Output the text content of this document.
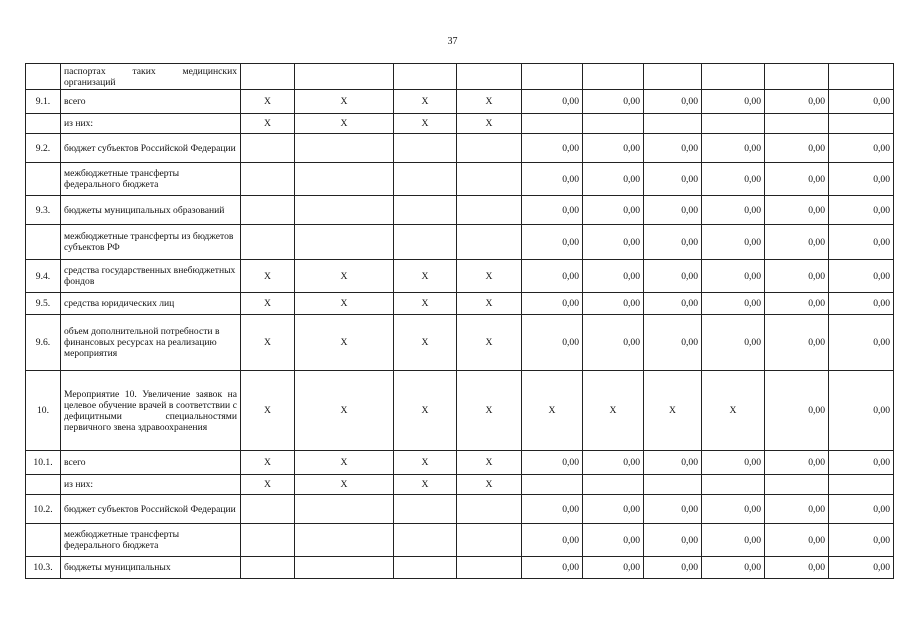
37
	паспортах таких медицинских организаций										
9.1.	всего	X	X	X	X	0,00	0,00	0,00	0,00	0,00	0,00
	из них:	X	X	X	X						
9.2.	бюджет субъектов Российской Федерации					0,00	0,00	0,00	0,00	0,00	0,00
	межбюджетные трансферты федерального бюджета					0,00	0,00	0,00	0,00	0,00	0,00
9.3.	бюджеты муниципальных образований					0,00	0,00	0,00	0,00	0,00	0,00
	межбюджетные трансферты из бюджетов субъектов РФ					0,00	0,00	0,00	0,00	0,00	0,00
9.4.	средства государственных внебюджетных фондов	X	X	X	X	0,00	0,00	0,00	0,00	0,00	0,00
9.5.	средства юридических лиц	X	X	X	X	0,00	0,00	0,00	0,00	0,00	0,00
9.6.	объем дополнительной потребности в финансовых ресурсах на реализацию мероприятия	X	X	X	X	0,00	0,00	0,00	0,00	0,00	0,00
10.	Мероприятие 10. Увеличение заявок на целевое обучение врачей в соответствии с дефицитными специальностями первичного звена здравоохранения	X	X	X	X	X	X	X	X	0,00	0,00
10.1.	всего	X	X	X	X	0,00	0,00	0,00	0,00	0,00	0,00
	из них:	X	X	X	X						
10.2.	бюджет субъектов Российской Федерации					0,00	0,00	0,00	0,00	0,00	0,00
	межбюджетные трансферты федерального бюджета					0,00	0,00	0,00	0,00	0,00	0,00
10.3.	бюджеты муниципальных					0,00	0,00	0,00	0,00	0,00	0,00
